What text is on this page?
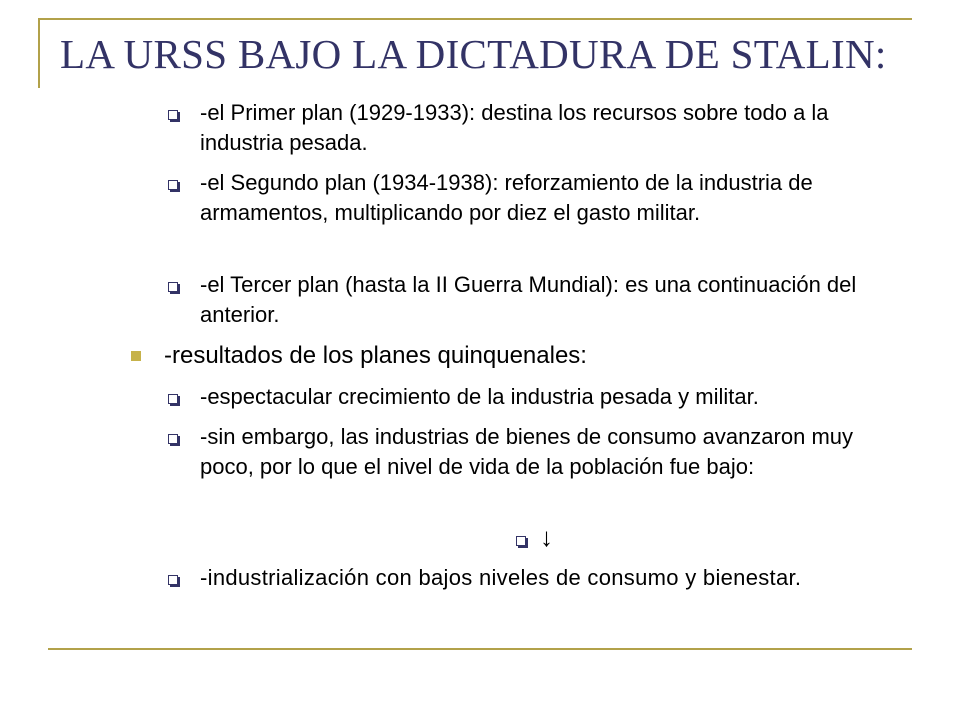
LA URSS BAJO LA DICTADURA DE STALIN:
-el Primer plan (1929-1933): destina los recursos sobre todo a la industria pesada.
-el Segundo plan (1934-1938): reforzamiento de la industria de armamentos, multiplicando por diez el gasto militar.
-el Tercer plan (hasta la II Guerra Mundial): es una continuación del anterior.
-resultados de los planes quinquenales:
-espectacular crecimiento de la industria pesada y militar.
-sin embargo, las industrias de bienes de consumo avanzaron muy poco, por lo que el nivel de vida de la población fue bajo:
↓
-industrialización con bajos niveles de consumo y bienestar.
